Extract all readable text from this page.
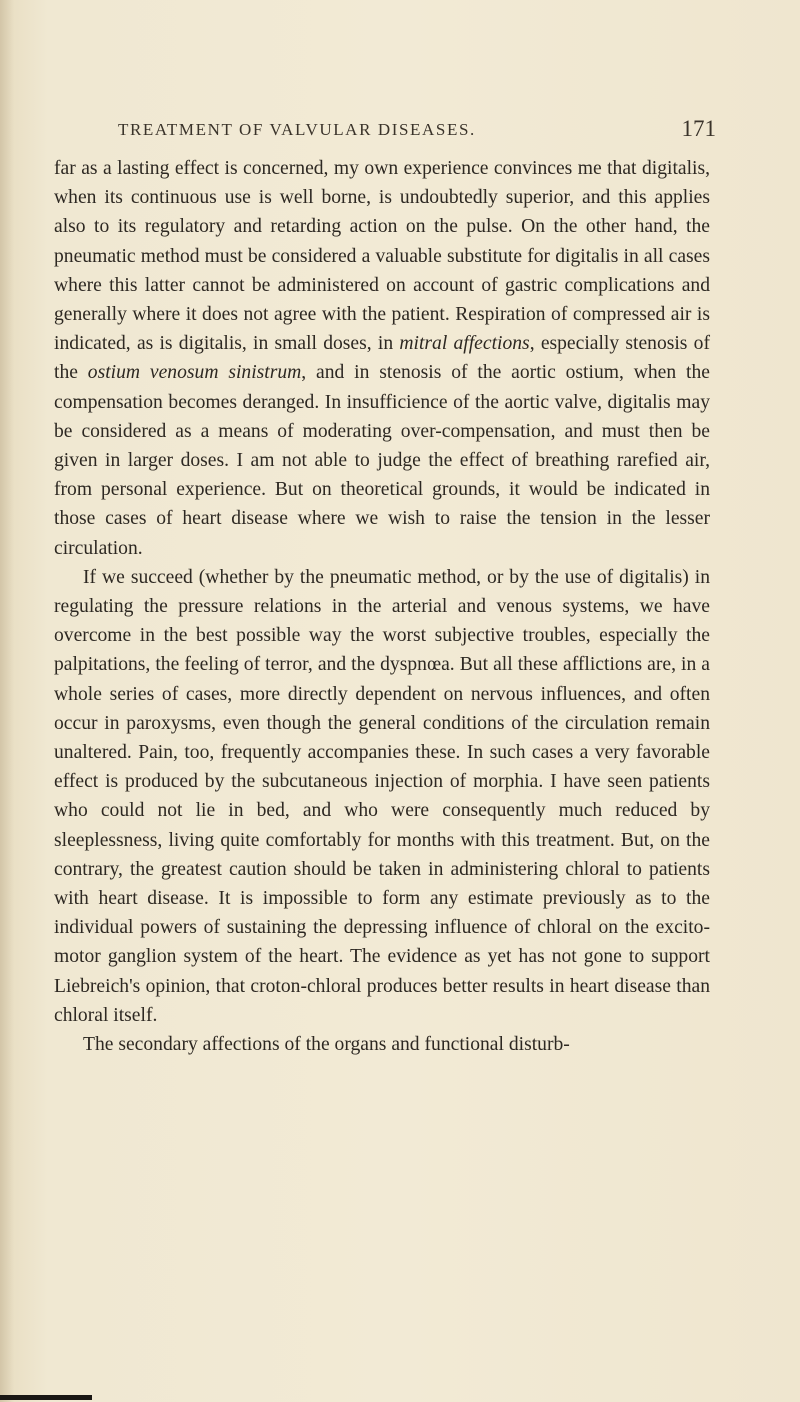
TREATMENT OF VALVULAR DISEASES.	171

far as a lasting effect is concerned, my own experience convinces me that digitalis, when its continuous use is well borne, is undoubtedly superior, and this applies also to its regulatory and retarding action on the pulse. On the other hand, the pneumatic method must be considered a valuable substitute for digitalis in all cases where this latter cannot be administered on account of gastric complications and generally where it does not agree with the patient. Respiration of compressed air is indicated, as is digitalis, in small doses, in mitral affections, especially stenosis of the ostium venosum sinistrum, and in stenosis of the aortic ostium, when the compensation becomes deranged. In insufficience of the aortic valve, digitalis may be considered as a means of moderating over-compensation, and must then be given in larger doses. I am not able to judge the effect of breathing rarefied air, from personal experience. But on theoretical grounds, it would be indicated in those cases of heart disease where we wish to raise the tension in the lesser circulation.

If we succeed (whether by the pneumatic method, or by the use of digitalis) in regulating the pressure relations in the arterial and venous systems, we have overcome in the best possible way the worst subjective troubles, especially the palpitations, the feeling of terror, and the dyspnœa. But all these afflictions are, in a whole series of cases, more directly dependent on nervous influences, and often occur in paroxysms, even though the general conditions of the circulation remain unaltered. Pain, too, frequently accompanies these. In such cases a very favorable effect is produced by the subcutaneous injection of morphia. I have seen patients who could not lie in bed, and who were consequently much reduced by sleeplessness, living quite comfortably for months with this treatment. But, on the contrary, the greatest caution should be taken in administering chloral to patients with heart disease. It is impossible to form any estimate previously as to the individual powers of sustaining the depressing influence of chloral on the excito-motor ganglion system of the heart. The evidence as yet has not gone to support Liebreich's opinion, that croton-chloral produces better results in heart disease than chloral itself.

The secondary affections of the organs and functional disturb-
